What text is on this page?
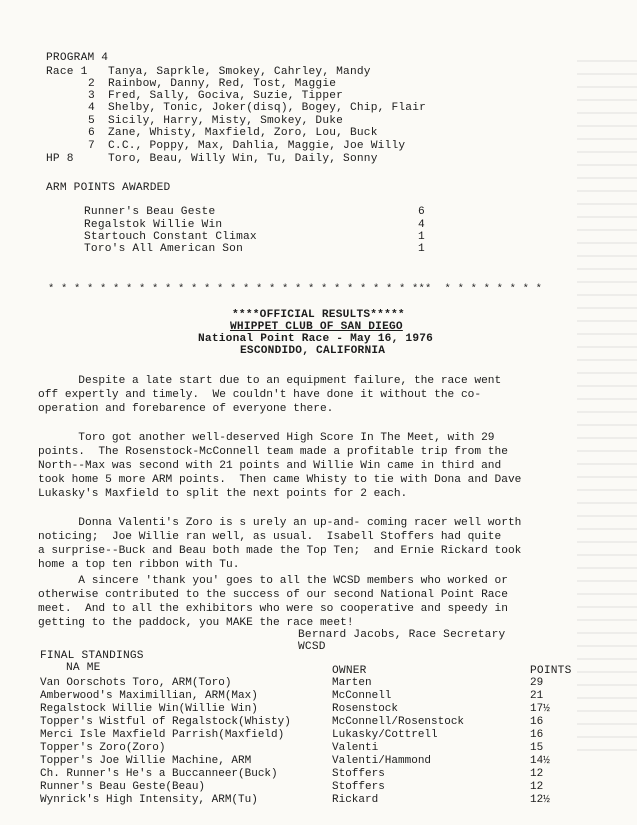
PROGRAM 4
Race 1 Tanya, Saprkle, Smokey, Cahrley, Mandy
2 Rainbow, Danny, Red, Tost, Maggie
3 Fred, Sally, Gociva, Suzie, Tipper
4 Shelby, Tonic, Joker(disq), Bogey, Chip, Flair
5 Sicily, Harry, Misty, Smokey, Duke
6 Zane, Whisty, Maxfield, Zoro, Lou, Buck
7 C.C., Poppy, Max, Dahlia, Maggie, Joe Willy
HP 8	Toro, Beau, Willy Win, Tu, Daily, Sonny
ARM POINTS AWARDED
Runner's Beau Geste	6
Regalstok Willie Win	4
Startouch Constant Climax	1
Toro's All American Son	1
* * * * * * * * * * * * * * * * * * * * * * * * * * * * ***  * * * * * * * *
****OFFICIAL RESULTS*****
WHIPPET CLUB OF SAN DIEGO
National Point Race - May 16, 1976
ESCONDIDO, CALIFORNIA
Despite a late start due to an equipment failure, the race went
off expertly and timely.  We couldn't have done it without the co-
operation and forebarence of everyone there.
Toro got another well-deserved High Score In The Meet, with 29
points.  The Rosenstock-McConnell team made a profitable trip from the
North--Max was second with 21 points and Willie Win came in third and
took home 5 more ARM points.  Then came Whisty to tie with Dona and Dave
Lukasky's Maxfield to split the next points for 2 each.
Donna Valenti's Zoro is s urely an up-and- coming racer well worth
noticing;  Joe Willie ran well, as usual.  Isabell Stoffers had quite
a surprise--Buck and Beau both made the Top Ten;  and Ernie Rickard took
home a top ten ribbon with Tu.
A sincere 'thank you' goes to all the WCSD members who worked or
otherwise contributed to the success of our second National Point Race
meet.  And to all the exhibitors who were so cooperative and speedy in
getting to the paddock, you MAKE the race meet!
Bernard Jacobs, Race Secretary
WCSD
FINAL STANDINGS
NA ME	OWNER	POINTS
Van Oorschots Toro, ARM(Toro)	Marten	29
Amberwood's Maximillian, ARM(Max)	McConnell	21
Regalstock Willie Win(Willie Win)	Rosenstock	17½
Topper's Wistful of Regalstock(Whisty)	McConnell/Rosenstock	16
Merci Isle Maxfield Parrish(Maxfield)	Lukasky/Cottrell	16
Topper's Zoro(Zoro)	Valenti	15
Topper's Joe Willie Machine, ARM	Valenti/Hammond	14½
Ch. Runner's He's a Buccanneer(Buck)	Stoffers	12
Runner's Beau Geste(Beau)	Stoffers	12
Wynrick's High Intensity, ARM(Tu)	Rickard	12½
